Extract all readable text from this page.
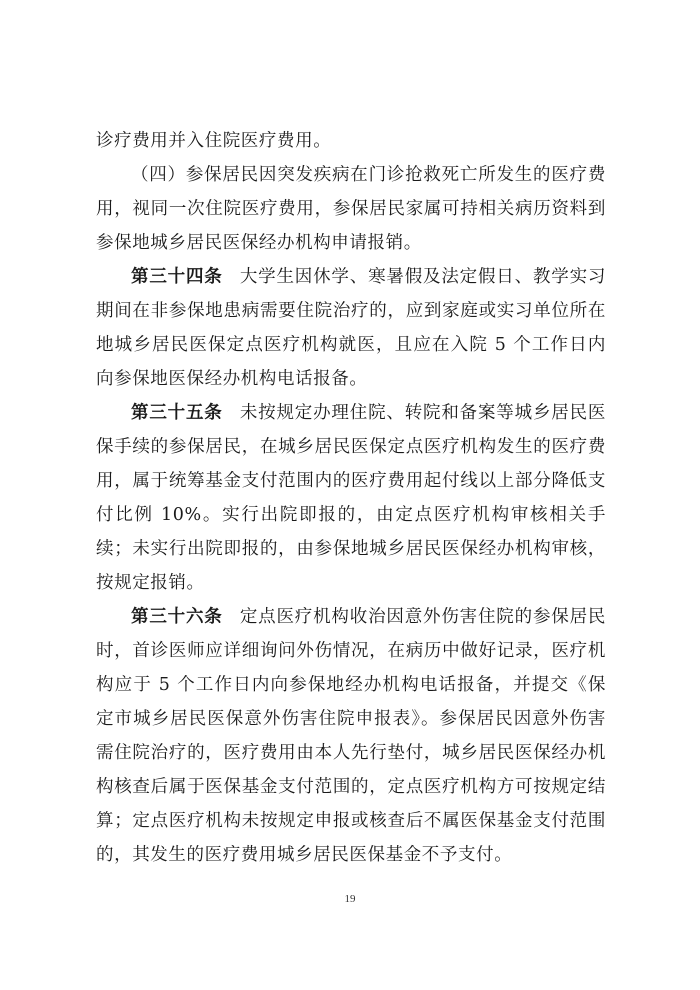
诊疗费用并入住院医疗费用。

（四）参保居民因突发疾病在门诊抢救死亡所发生的医疗费用，视同一次住院医疗费用，参保居民家属可持相关病历资料到参保地城乡居民医保经办机构申请报销。

第三十四条 大学生因休学、寒暑假及法定假日、教学实习期间在非参保地患病需要住院治疗的，应到家庭或实习单位所在地城乡居民医保定点医疗机构就医，且应在入院 5 个工作日内向参保地医保经办机构电话报备。

第三十五条 未按规定办理住院、转院和备案等城乡居民医保手续的参保居民，在城乡居民医保定点医疗机构发生的医疗费用，属于统筹基金支付范围内的医疗费用起付线以上部分降低支付比例 10%。实行出院即报的，由定点医疗机构审核相关手续；未实行出院即报的，由参保地城乡居民医保经办机构审核，按规定报销。

第三十六条 定点医疗机构收治因意外伤害住院的参保居民时，首诊医师应详细询问外伤情况，在病历中做好记录，医疗机构应于 5 个工作日内向参保地经办机构电话报备，并提交《保定市城乡居民医保意外伤害住院申报表》。参保居民因意外伤害需住院治疗的，医疗费用由本人先行垫付，城乡居民医保经办机构核查后属于医保基金支付范围的，定点医疗机构方可按规定结算；定点医疗机构未按规定申报或核查后不属医保基金支付范围的，其发生的医疗费用城乡居民医保基金不予支付。

19
